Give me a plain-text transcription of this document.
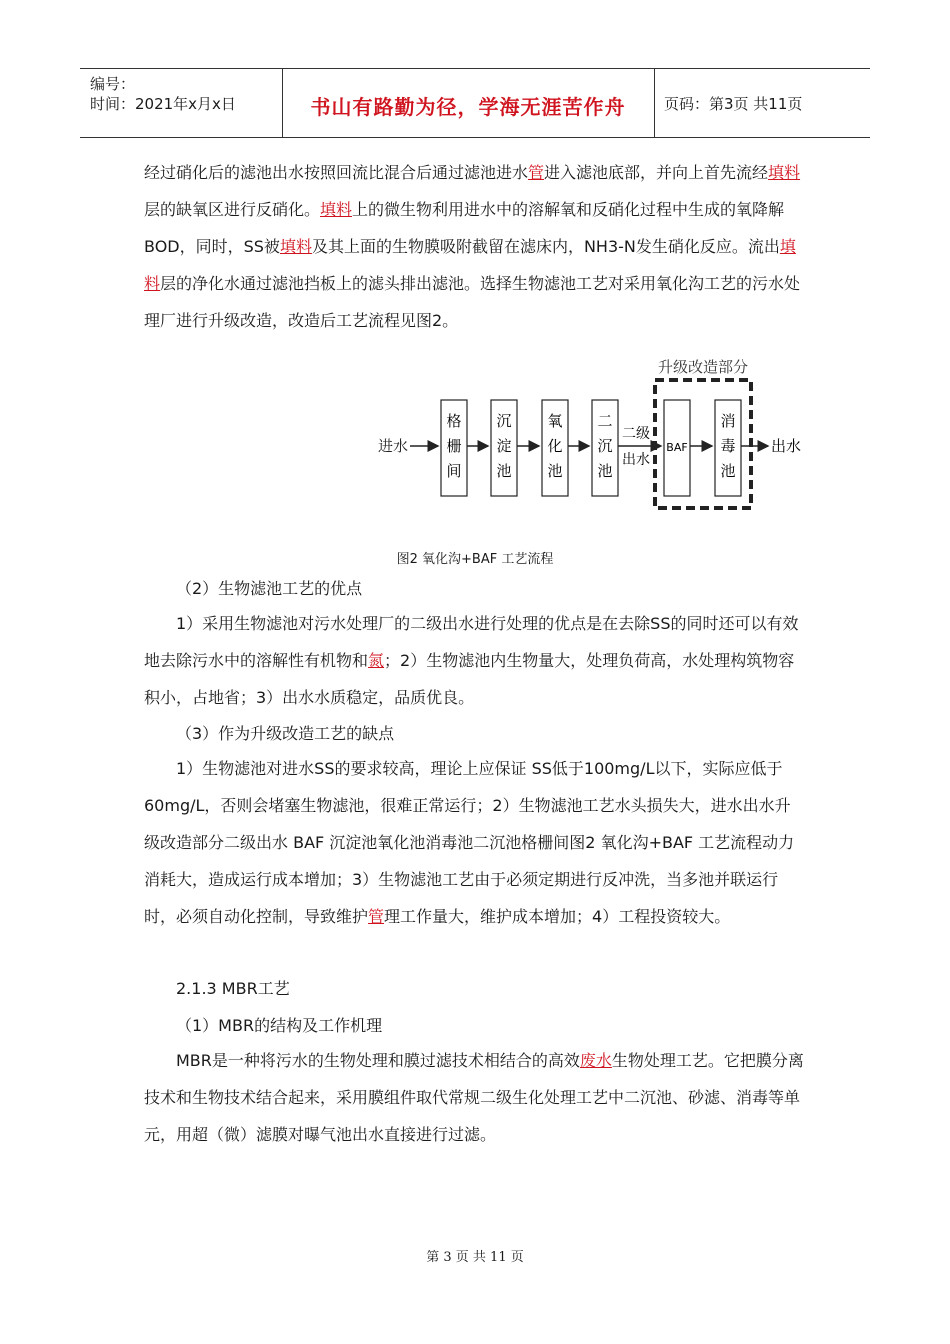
编号：
时间：2021年x月x日	书山有路勤为径，学海无涯苦作舟	页码：第3页 共11页

经过硝化后的滤池出水按照回流比混合后通过滤池进水管进入滤池底部，并向上首先流经填料层的缺氧区进行反硝化。填料上的微生物利用进水中的溶解氧和反硝化过程中生成的氧降解BOD，同时，SS被填料及其上面的生物膜吸附截留在滤床内，NH3-N发生硝化反应。流出填料层的净化水通过滤池挡板上的滤头排出滤池。选择生物滤池工艺对采用氧化沟工艺的污水处理厂进行升级改造，改造后工艺流程见图2。

升级改造部分
进水
格
栅
间
沉
淀
池
氧
化
池
二
沉
池
二级
出水
BAF
消
毒
池
出水
图2 氧化沟+BAF 工艺流程

（2）生物滤池工艺的优点

1）采用生物滤池对污水处理厂的二级出水进行处理的优点是在去除SS的同时还可以有效地去除污水中的溶解性有机物和氮；2）生物滤池内生物量大，处理负荷高，水处理构筑物容积小，占地省；3）出水水质稳定，品质优良。

（3）作为升级改造工艺的缺点

1）生物滤池对进水SS的要求较高，理论上应保证 SS低于100mg/L以下，实际应低于60mg/L，否则会堵塞生物滤池，很难正常运行；2）生物滤池工艺水头损失大，进水出水升级改造部分二级出水 BAF 沉淀池氧化池消毒池二沉池格栅间图2 氧化沟+BAF 工艺流程动力消耗大，造成运行成本增加；3）生物滤池工艺由于必须定期进行反冲洗，当多池并联运行时，必须自动化控制，导致维护管理工作量大，维护成本增加；4）工程投资较大。

2.1.3 MBR工艺

（1）MBR的结构及工作机理

MBR是一种将污水的生物处理和膜过滤技术相结合的高效废水生物处理工艺。它把膜分离技术和生物技术结合起来，采用膜组件取代常规二级生化处理工艺中二沉池、砂滤、消毒等单元，用超（微）滤膜对曝气池出水直接进行过滤。

第 3 页 共 11 页
